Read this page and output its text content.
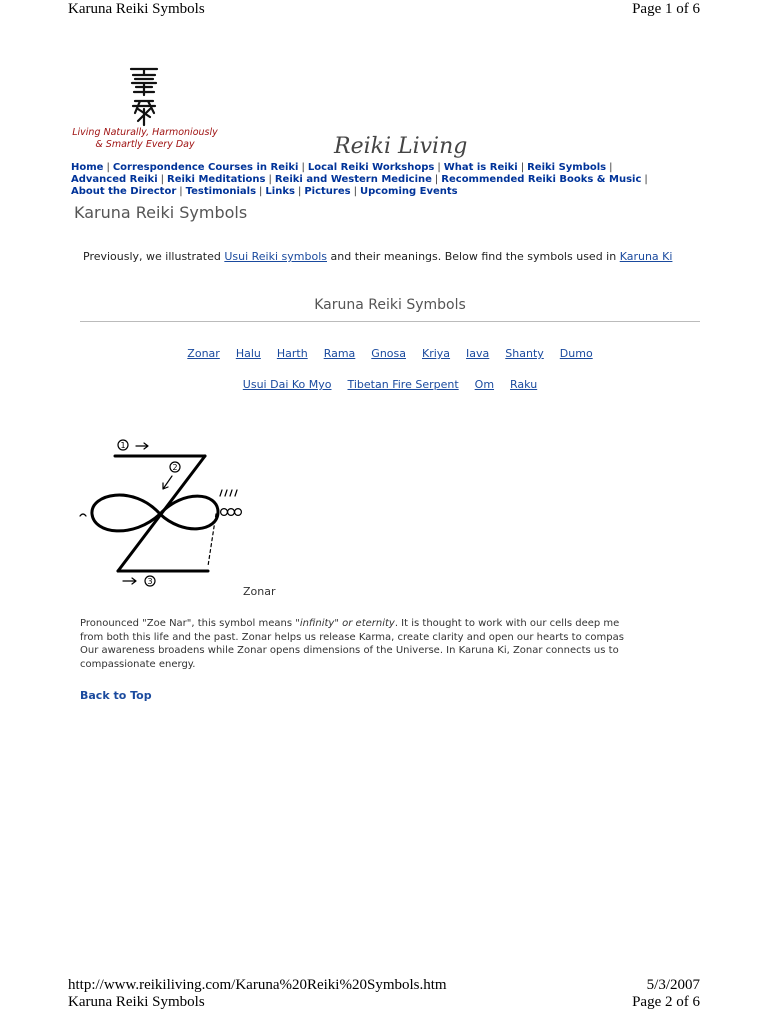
Karuna Reiki Symbols	Page 1 of 6
Living Naturally, Harmoniously
& Smartly Every Day	Reiki Living
Home | Correspondence Courses in Reiki | Local Reiki Workshops | What is Reiki | Reiki Symbols |
Advanced Reiki | Reiki Meditations | Reiki and Western Medicine | Recommended Reiki Books & Music |
About the Director | Testimonials | Links | Pictures | Upcoming Events
Karuna Reiki Symbols
Previously, we illustrated Usui Reiki symbols and their meanings. Below find the symbols used in Karuna Ki
Karuna Reiki Symbols
Zonar Halu Harth Rama Gnosa Kriya Iava Shanty Dumo
Usui Dai Ko Myo Tibetan Fire Serpent Om Raku
1
2
3
Zonar
Pronounced "Zoe Nar", this symbol means "infinity" or eternity. It is thought to work with our cells deep me
from both this life and the past. Zonar helps us release Karma, create clarity and open our hearts to compas
Our awareness broadens while Zonar opens dimensions of the Universe. In Karuna Ki, Zonar connects us to
compassionate energy.
Back to Top
http://www.reikiliving.com/Karuna%20Reiki%20Symbols.htm	5/3/2007
Karuna Reiki Symbols	Page 2 of 6
